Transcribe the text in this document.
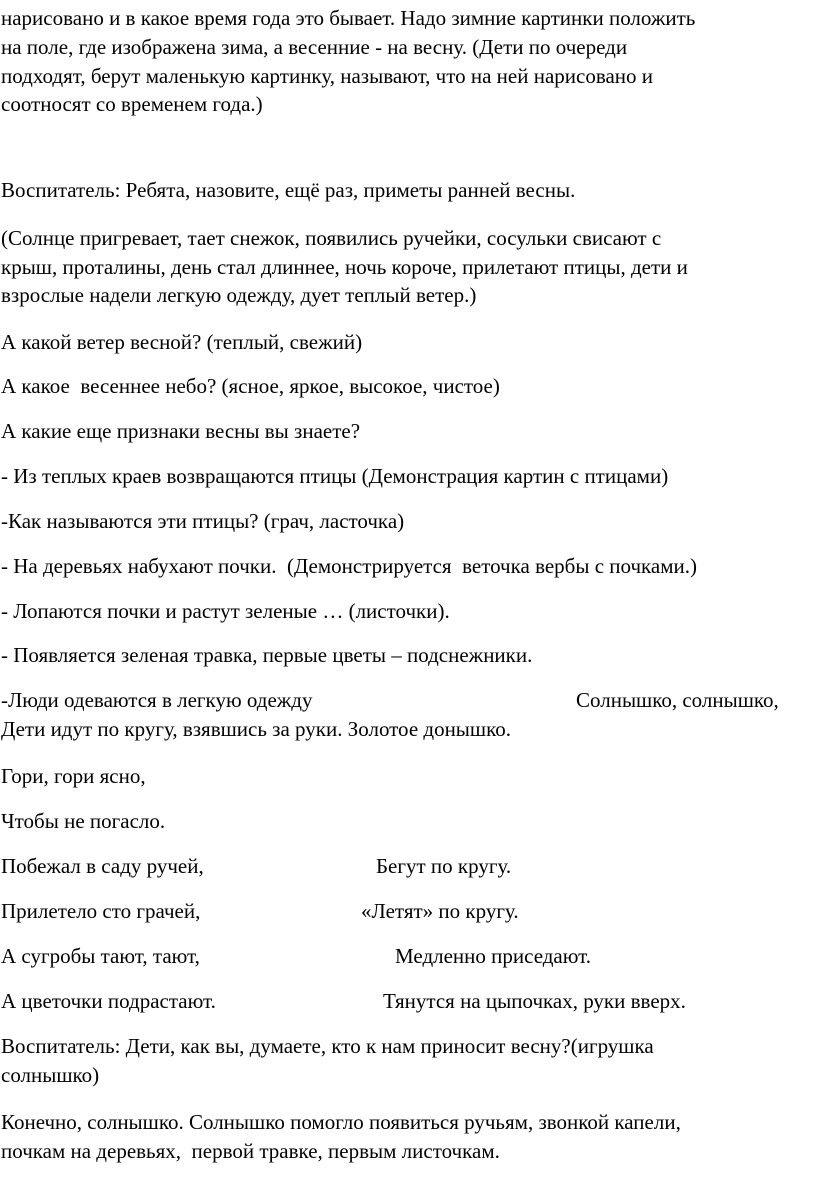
нарисовано и в какое время года это бывает. Надо зимние картинки положить
на поле, где изображена зима, а весенние - на весну. (Дети по очереди
подходят, берут маленькую картинку, называют, что на ней нарисовано и
соотносят со временем года.)
Воспитатель: Ребята, назовите, ещё раз, приметы ранней весны.
(Солнце пригревает, тает снежок, появились ручейки, сосульки свисают с
крыш, проталины, день стал длиннее, ночь короче, прилетают птицы, дети и
взрослые надели легкую одежду, дует теплый ветер.)
А какой ветер весной? (теплый, свежий)
А какое  весеннее небо? (ясное, яркое, высокое, чистое)
А какие еще признаки весны вы знаете?
- Из теплых краев возвращаются птицы (Демонстрация картин с птицами)
-Как называются эти птицы? (грач, ласточка)
- На деревьях набухают почки.  (Демонстрируется  веточка вербы с почками.)
- Лопаются почки и растут зеленые … (листочки).
- Появляется зеленая травка, первые цветы – подснежники.
-Люди одеваются в легкую одежду	Солнышко, солнышко,
Дети идут по кругу, взявшись за руки. Золотое донышко.
Гори, гори ясно,
Чтобы не погасло.
Побежал в саду ручей,	Бегут по кругу.
Прилетело сто грачей,	«Летят» по кругу.
А сугробы тают, тают,	Медленно приседают.
А цветочки подрастают.	Тянутся на цыпочках, руки вверх.
Воспитатель: Дети, как вы, думаете, кто к нам приносит весну?(игрушка
солнышко)
Конечно, солнышко. Солнышко помогло появиться ручьям, звонкой капели,
почкам на деревьях,  первой травке, первым листочкам.
